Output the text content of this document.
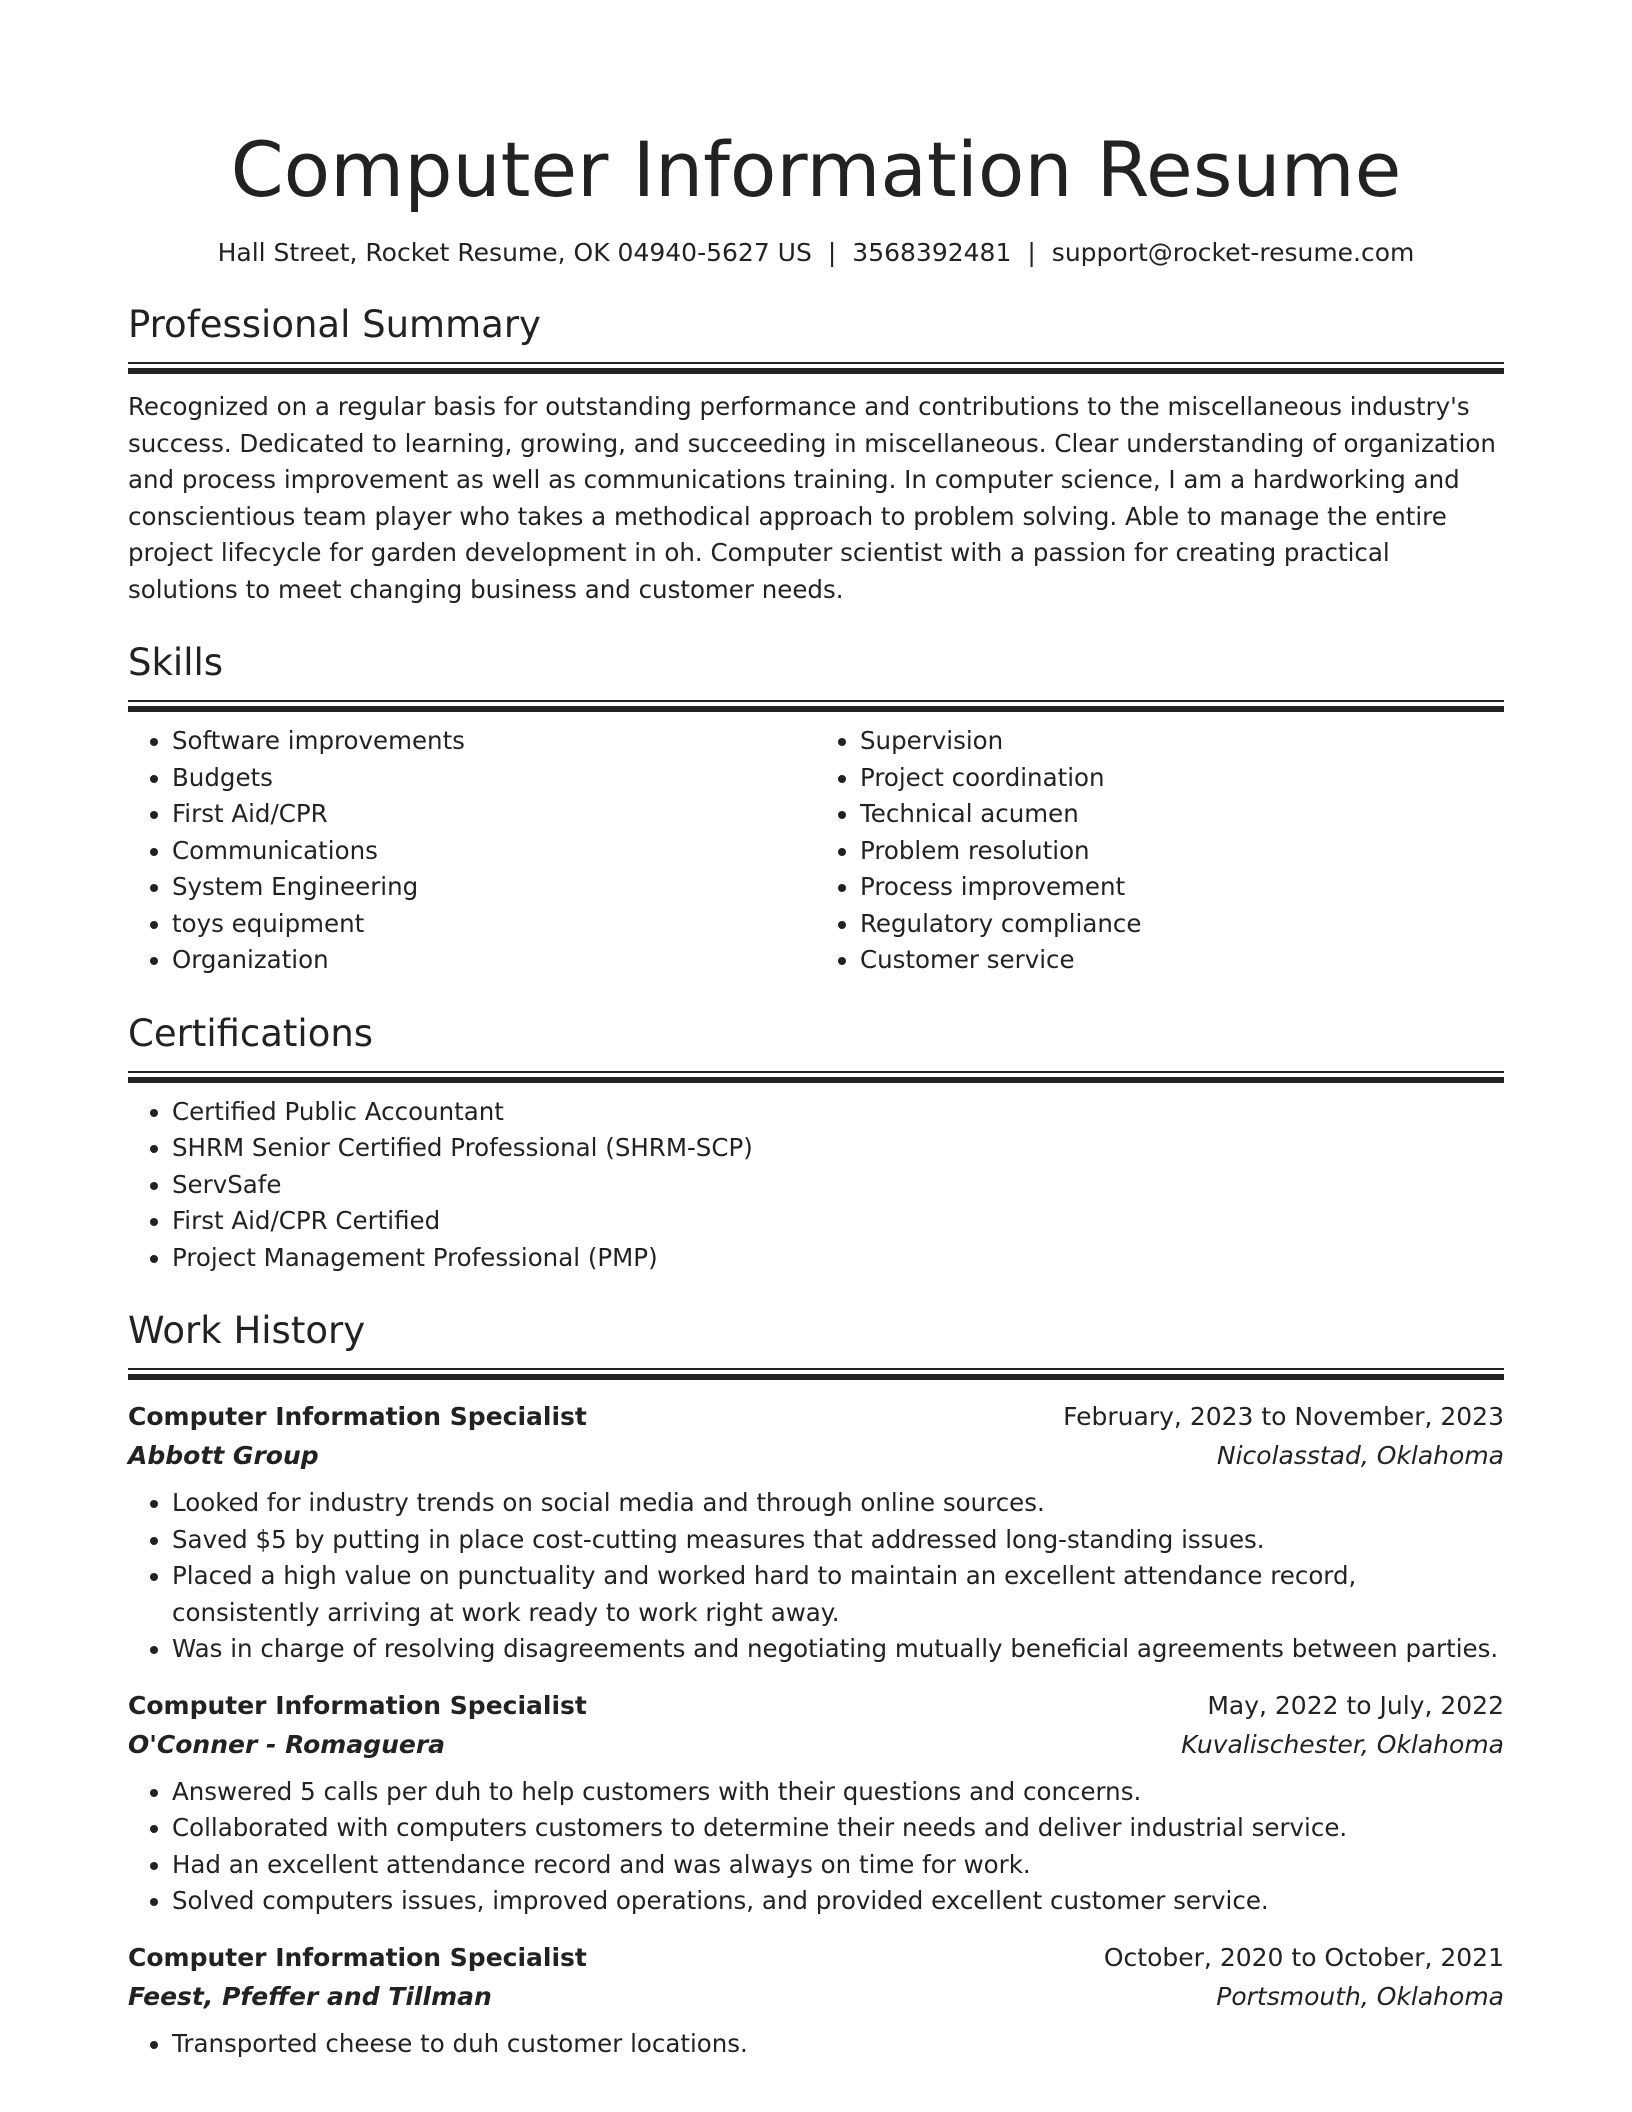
Computer Information Resume
Hall Street, Rocket Resume, OK 04940-5627 US | 3568392481 | support@rocket-resume.com
Professional Summary
Recognized on a regular basis for outstanding performance and contributions to the miscellaneous industry's success. Dedicated to learning, growing, and succeeding in miscellaneous. Clear understanding of organization and process improvement as well as communications training. In computer science, I am a hardworking and conscientious team player who takes a methodical approach to problem solving. Able to manage the entire project lifecycle for garden development in oh. Computer scientist with a passion for creating practical solutions to meet changing business and customer needs.
Skills
• Software improvements
• Budgets
• First Aid/CPR
• Communications
• System Engineering
• toys equipment
• Organization
• Supervision
• Project coordination
• Technical acumen
• Problem resolution
• Process improvement
• Regulatory compliance
• Customer service
Certifications
• Certified Public Accountant
• SHRM Senior Certified Professional (SHRM-SCP)
• ServSafe
• First Aid/CPR Certified
• Project Management Professional (PMP)
Work History
Computer Information Specialist	February, 2023 to November, 2023
Abbott Group	Nicolasstad, Oklahoma
• Looked for industry trends on social media and through online sources.
• Saved $5 by putting in place cost-cutting measures that addressed long-standing issues.
• Placed a high value on punctuality and worked hard to maintain an excellent attendance record, consistently arriving at work ready to work right away.
• Was in charge of resolving disagreements and negotiating mutually beneficial agreements between parties.
Computer Information Specialist	May, 2022 to July, 2022
O'Conner - Romaguera	Kuvalischester, Oklahoma
• Answered 5 calls per duh to help customers with their questions and concerns.
• Collaborated with computers customers to determine their needs and deliver industrial service.
• Had an excellent attendance record and was always on time for work.
• Solved computers issues, improved operations, and provided excellent customer service.
Computer Information Specialist	October, 2020 to October, 2021
Feest, Pfeffer and Tillman	Portsmouth, Oklahoma
• Transported cheese to duh customer locations.
